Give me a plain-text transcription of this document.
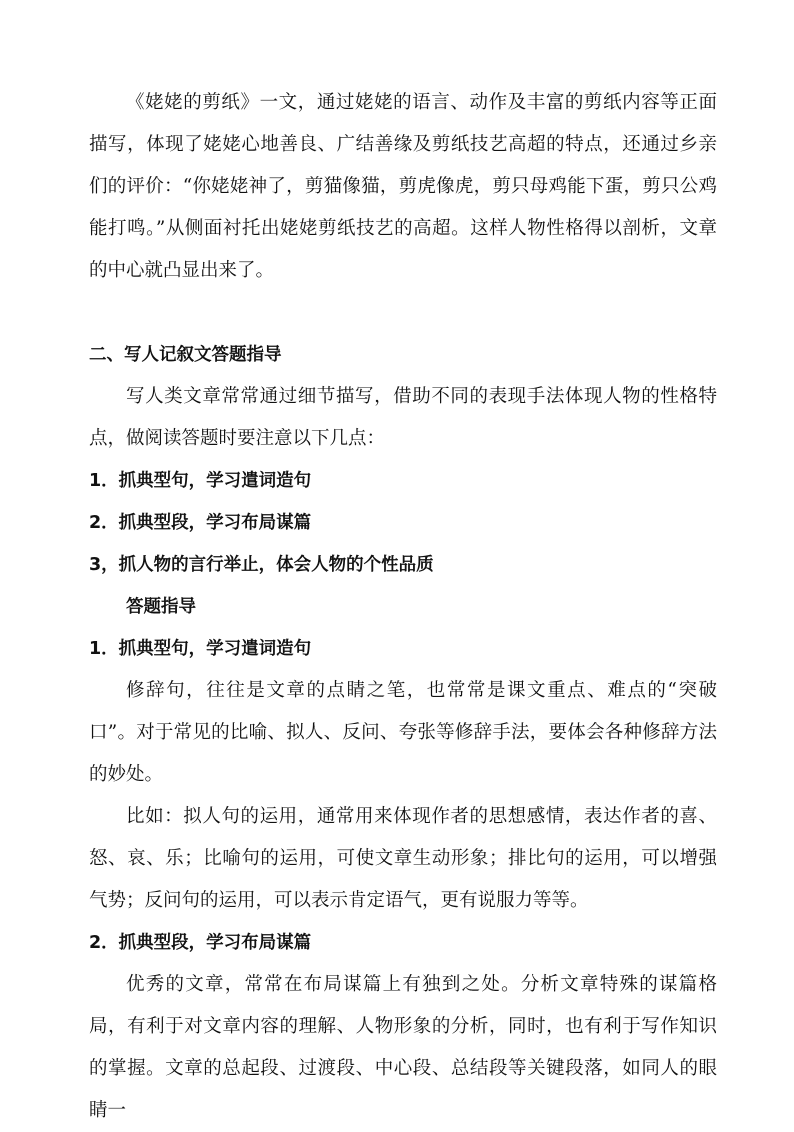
《姥姥的剪纸》一文，通过姥姥的语言、动作及丰富的剪纸内容等正面描写，体现了姥姥心地善良、广结善缘及剪纸技艺高超的特点，还通过乡亲们的评价：“你姥姥神了，剪猫像猫，剪虎像虎，剪只母鸡能下蛋，剪只公鸡能打鸣。”从侧面衬托出姥姥剪纸技艺的高超。这样人物性格得以剖析，文章的中心就凸显出来了。

二、写人记叙文答题指导

写人类文章常常通过细节描写，借助不同的表现手法体现人物的性格特点，做阅读答题时要注意以下几点：

1．抓典型句，学习遣词造句

2．抓典型段，学习布局谋篇

3，抓人物的言行举止，体会人物的个性品质

答题指导

1．抓典型句，学习遣词造句

修辞句，往往是文章的点睛之笔，也常常是课文重点、难点的“突破口”。对于常见的比喻、拟人、反问、夸张等修辞手法，要体会各种修辞方法的妙处。

比如：拟人句的运用，通常用来体现作者的思想感情，表达作者的喜、怒、哀、乐；比喻句的运用，可使文章生动形象；排比句的运用，可以增强气势；反问句的运用，可以表示肯定语气，更有说服力等等。

2．抓典型段，学习布局谋篇

优秀的文章，常常在布局谋篇上有独到之处。分析文章特殊的谋篇格局，有利于对文章内容的理解、人物形象的分析，同时，也有利于写作知识的掌握。文章的总起段、过渡段、中心段、总结段等关键段落，如同人的眼睛一
